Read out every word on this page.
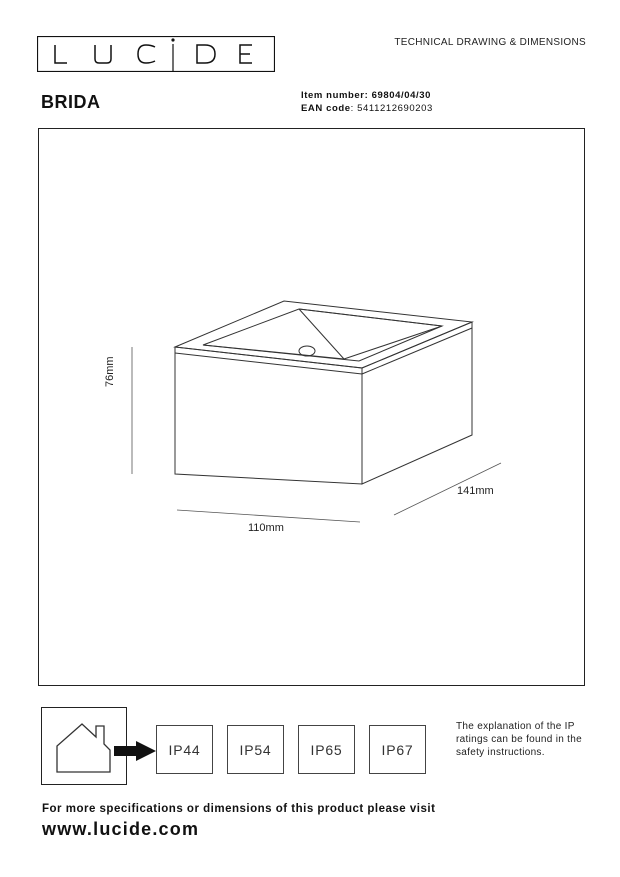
TECHNICAL DRAWING & DIMENSIONS
BRIDA	Item number: 69804/04/30
EAN code: 5411212690203
76mm
110mm
141mm
IP44	IP54	IP65	IP67
The explanation of the IP ratings can be found in the safety instructions.
For more specifications or dimensions of this product please visit
www.lucide.com
